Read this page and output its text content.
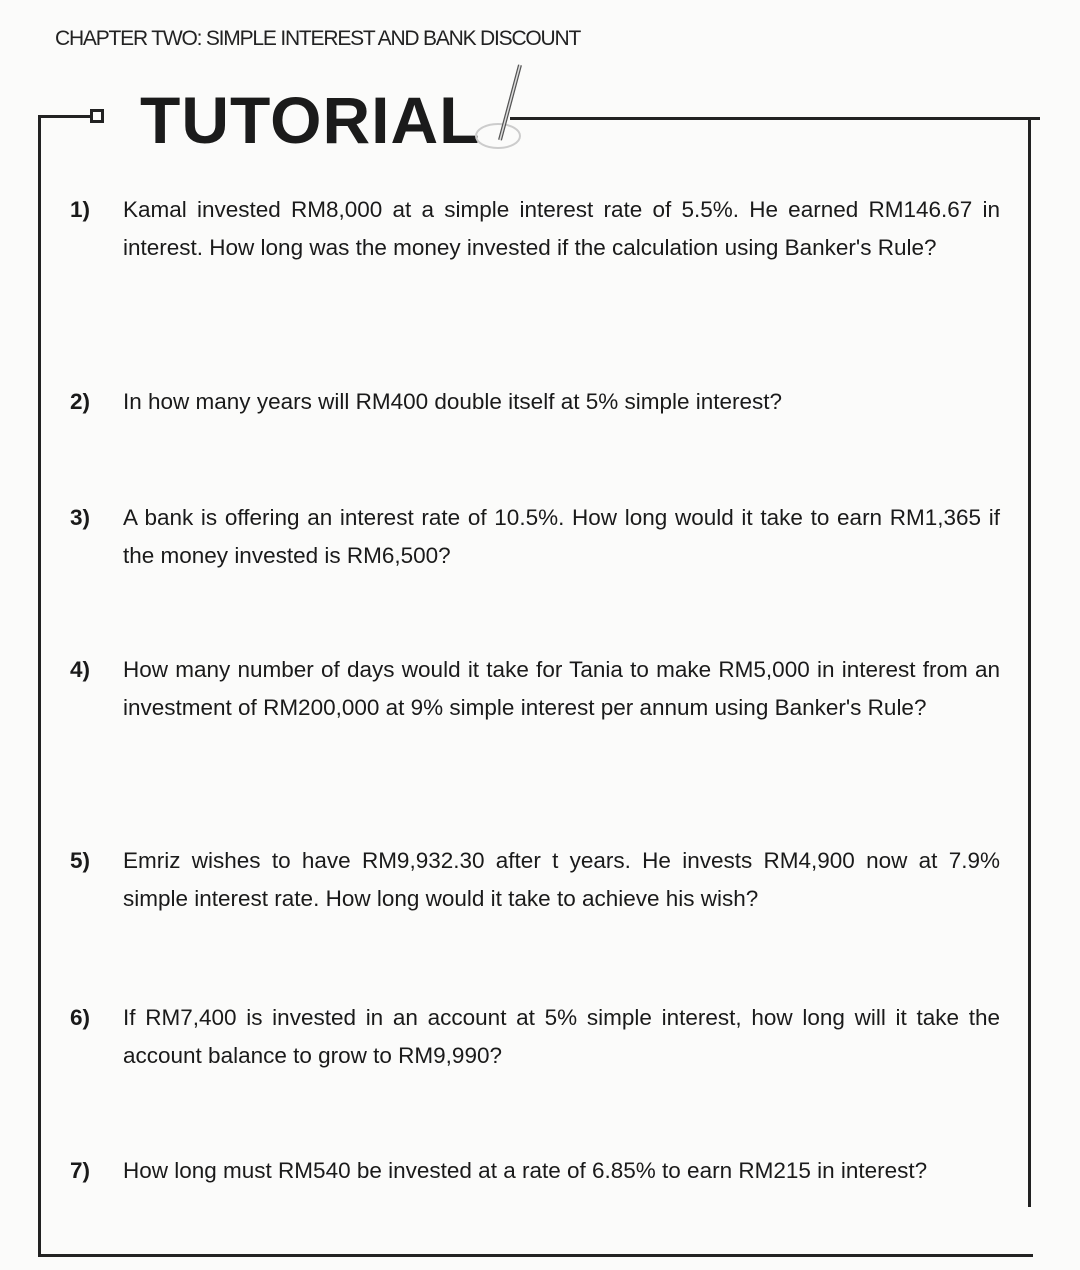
CHAPTER TWO: SIMPLE INTEREST AND BANK DISCOUNT
TUTORIAL
1) Kamal invested RM8,000 at a simple interest rate of 5.5%. He earned RM146.67 in interest. How long was the money invested if the calculation using Banker's Rule?
2) In how many years will RM400 double itself at 5% simple interest?
3) A bank is offering an interest rate of 10.5%. How long would it take to earn RM1,365 if the money invested is RM6,500?
4) How many number of days would it take for Tania to make RM5,000 in interest from an investment of RM200,000 at 9% simple interest per annum using Banker's Rule?
5) Emriz wishes to have RM9,932.30 after t years. He invests RM4,900 now at 7.9% simple interest rate. How long would it take to achieve his wish?
6) If RM7,400 is invested in an account at 5% simple interest, how long will it take the account balance to grow to RM9,990?
7) How long must RM540 be invested at a rate of 6.85% to earn RM215 in interest?
